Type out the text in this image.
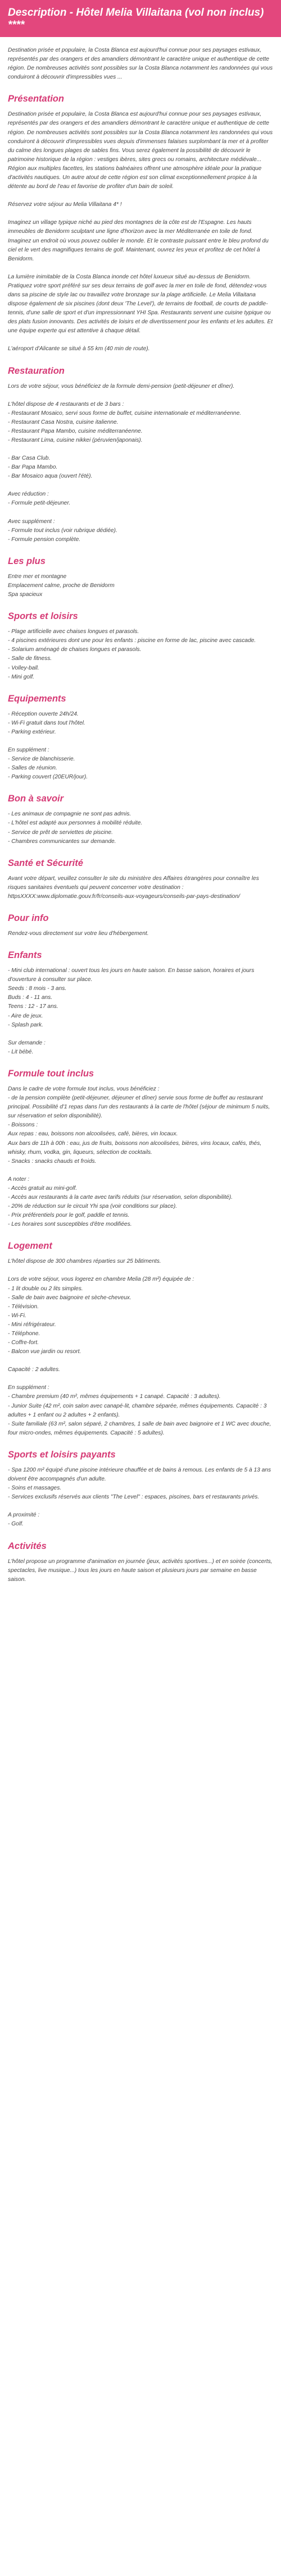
Description - Hôtel Melia Villaitana (vol non inclus) ****

Destination prisée et populaire, la Costa Blanca est aujourd'hui connue pour ses paysages estivaux, représentés par des orangers et des amandiers démontrant le caractère unique et authentique de cette région. De nombreuses activités sont possibles sur la Costa Blanca notamment les randonnées qui vous conduiront à découvrir d'impressibles vues ...

Présentation

Destination prisée et populaire, la Costa Blanca est aujourd'hui connue pour ses paysages estivaux, représentés par des orangers et des amandiers démontrant le caractère unique et authentique de cette région. De nombreuses activités sont possibles sur la Costa Blanca notamment les randonnées qui vous conduiront à découvrir d'impressibles vues depuis d'immenses falaises surplombant la mer et à profiter du calme des longues plages de sables fins. Vous serez également la possibilité de découvrir le patrimoine historique de la région : vestiges ibères, sites grecs ou romains, architecture médiévale... Région aux multiples facettes, les stations balnéaires offrent une atmosphère idéale pour la pratique d'activités nautiques. Un autre atout de cette région est son climat exceptionnellement propice à la détente au bord de l'eau et favorise de profiter d'un bain de soleil.

Réservez votre séjour au Melia Villaitana 4* !

Imaginez un village typique niché au pied des montagnes de la côte est de l'Espagne. Les hauts immeubles de Benidorm sculptant une ligne d'horizon avec la mer Méditerranée en toile de fond. Imaginez un endroit où vous pouvez oublier le monde. Et le contraste puissant entre le bleu profond du ciel et le vert des magnifiques terrains de golf. Maintenant, ouvrez les yeux et profitez de cet hôtel à Benidorm.

La lumière inimitable de la Costa Blanca inonde cet hôtel luxueux situé au-dessus de Benidorm. Pratiquez votre sport préféré sur ses deux terrains de golf avec la mer en toile de fond, détendez-vous dans sa piscine de style lac ou travaillez votre bronzage sur la plage artificielle. Le Melia Villaitana dispose également de six piscines (dont deux 'The Level'), de terrains de football, de courts de paddle-tennis, d'une salle de sport et d'un impressionnant YHI Spa. Restaurants servent une cuisine typique ou des plats fusion innovants. Des activités de loisirs et de divertissement pour les enfants et les adultes. Et une équipe experte qui est attentive à chaque détail.

L'aéroport d'Alicante se situé à 55 km (40 min de route).

Restauration

Lors de votre séjour, vous bénéficiez de la formule demi-pension (petit-déjeuner et dîner).

L'hôtel dispose de 4 restaurants et de 3 bars :
- Restaurant Mosaico, servi sous forme de buffet, cuisine internationale et méditerranéenne.
- Restaurant Casa Nostra, cuisine italienne.
- Restaurant Papa Mambo, cuisine méditerranéenne.
- Restaurant Lima, cuisine nikkei (péruvien/japonais).
- Bar Casa Club.
- Bar Papa Mambo.
- Bar Mosaico aqua (ouvert l'été).
Avec réduction :
- Formule petit-déjeuner.
Avec supplément :
- Formule tout inclus (voir rubrique dédiée).
- Formule pension complète.
Les plus
Entre mer et montagne
Emplacement calme, proche de Benidorm
Spa spacieux
Sports et loisirs
- Plage artificielle avec chaises longues et parasols.
- 4 piscines extérieures dont une pour les enfants : piscine en forme de lac, piscine avec cascade.
- Solarium aménagé de chaises longues et parasols.
- Salle de fitness.
- Volley-ball.
- Mini golf.
Equipements
- Réception ouverte 24h/24.
- Wi-Fi gratuit dans tout l'hôtel.
- Parking extérieur.
En supplément :
- Service de blanchisserie.
- Salles de réunion.
- Parking couvert (20EUR/jour).
Bon à savoir
- Les animaux de compagnie ne sont pas admis.
- L'hôtel est adapté aux personnes à mobilité réduite.
- Service de prêt de serviettes de piscine.
- Chambres communicantes sur demande.
Santé et Sécurité

Avant votre départ, veuillez consulter le site du ministère des Affaires étrangères pour connaître les risques sanitaires éventuels qui peuvent concerner votre destination : httpsXXXX:www.diplomatie.gouv.fr/fr/conseils-aux-voyageurs/conseils-par-pays-destination/

Pour info

Rendez-vous directement sur votre lieu d'hébergement.

Enfants
- Mini club international : ouvert tous les jours en haute saison. En basse saison, horaires et jours d'ouverture à consulter sur place.
Seeds : 8 mois - 3 ans.
Buds : 4 - 11 ans.
Teens : 12 - 17 ans.
- Aire de jeux.
- Splash park.
Sur demande :
- Lit bébé.
Formule tout inclus
Dans le cadre de votre formule tout inclus, vous bénéficiez :
- de la pension complète (petit-déjeuner, déjeuner et dîner) servie sous forme de buffet au restaurant principal. Possibilité d'1 repas dans l'un des restaurants à la carte de l'hôtel (séjour de minimum 5 nuits, sur réservation et selon disponibilité).
- Boissons :
Aux repas : eau, boissons non alcoolisées, café, bières, vin locaux.
Aux bars de 11h à 00h : eau, jus de fruits, boissons non alcoolisées, bières, vins locaux, cafés, thés, whisky, rhum, vodka, gin, liqueurs, sélection de cocktails.
- Snacks : snacks chauds et froids.
A noter :
- Accès gratuit au mini-golf.
- Accès aux restaurants à la carte avec tarifs réduits (sur réservation, selon disponibilité).
- 20% de réduction sur le circuit Yhi spa (voir conditions sur place).
- Prix préférentiels pour le golf, paddle et tennis.
- Les horaires sont susceptibles d'être modifiées.
Logement

L'hôtel dispose de 300 chambres réparties sur 25 bâtiments.

Lors de votre séjour, vous logerez en chambre Melia (28 m²) équipée de :
- 1 lit double ou 2 lits simples.
- Salle de bain avec baignoire et sèche-cheveux.
- Télévision.
- Wi-Fi.
- Mini réfrigérateur.
- Téléphone.
- Coffre-fort.
- Balcon vue jardin ou resort.

Capacité : 2 adultes.

En supplément :
- Chambre premium (40 m², mêmes équipements + 1 canapé. Capacité : 3 adultes).
- Junior Suite (42 m², coin salon avec canapé-lit, chambre séparée, mêmes équipements. Capacité : 3 adultes + 1 enfant ou 2 adultes + 2 enfants).
- Suite familiale (63 m², salon séparé, 2 chambres, 1 salle de bain avec baignoire et 1 WC avec douche, four micro-ondes, mêmes équipements. Capacité : 5 adultes).
Sports et loisirs payants
- Spa 1200 m² équipé d'une piscine intérieure chauffée et de bains à remous. Les enfants de 5 à 13 ans doivent être accompagnés d'un adulte.
- Soins et massages.
- Services exclusifs réservés aux clients "The Level" : espaces, piscines, bars et restaurants privés.
A proximité :
- Golf.
Activités

L'hôtel propose un programme d'animation en journée (jeux, activités sportives...) et en soirée (concerts, spectacles, live musique...) tous les jours en haute saison et plusieurs jours par semaine en basse saison.
